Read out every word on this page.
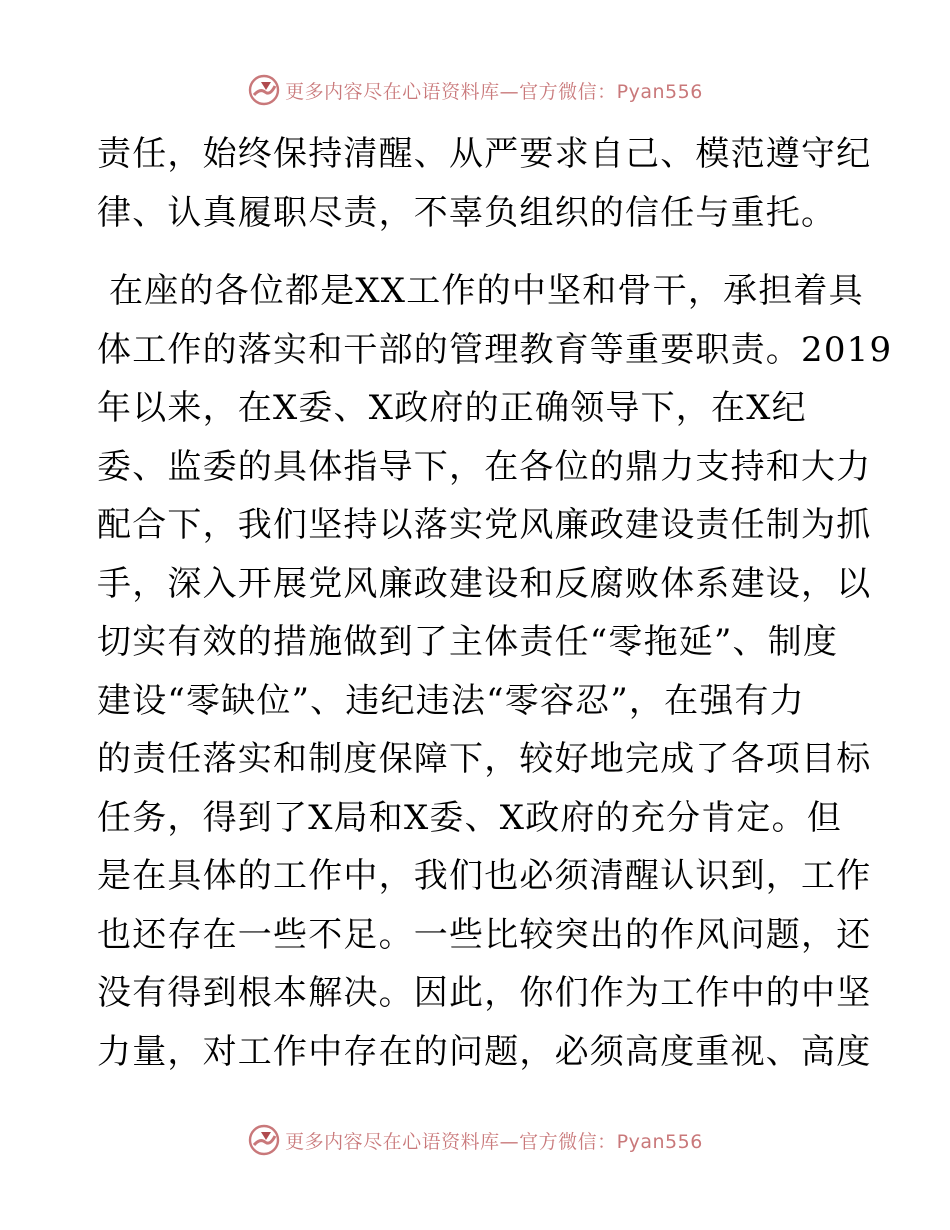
更多内容尽在心语资料库—官方微信：Pyan556
责任，始终保持清醒、从严要求自己、模范遵守纪
律、认真履职尽责，不辜负组织的信任与重托。
在座的各位都是XX工作的中坚和骨干，承担着具
体工作的落实和干部的管理教育等重要职责。2019
年以来，在X委、X政府的正确领导下，在X纪
委、监委的具体指导下，在各位的鼎力支持和大力
配合下，我们坚持以落实党风廉政建设责任制为抓
手，深入开展党风廉政建设和反腐败体系建设，以
切实有效的措施做到了主体责任“零拖延”、制度
建设“零缺位”、违纪违法“零容忍”，在强有力
的责任落实和制度保障下，较好地完成了各项目标
任务，得到了X局和X委、X政府的充分肯定。但
是在具体的工作中，我们也必须清醒认识到，工作
也还存在一些不足。一些比较突出的作风问题，还
没有得到根本解决。因此，你们作为工作中的中坚
力量，对工作中存在的问题，必须高度重视、高度
更多内容尽在心语资料库—官方微信：Pyan556
